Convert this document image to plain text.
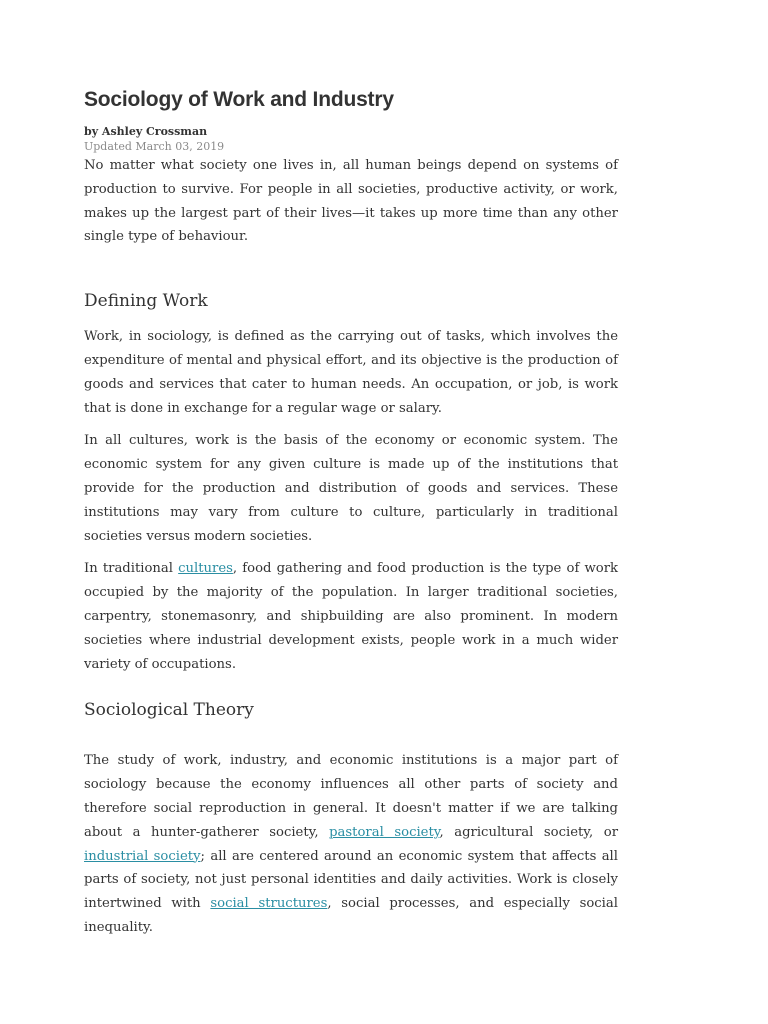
Sociology of Work and Industry
by Ashley Crossman
Updated March 03, 2019

No matter what society one lives in, all human beings depend on systems of production to survive. For people in all societies, productive activity, or work, makes up the largest part of their lives—it takes up more time than any other single type of behaviour.

Defining Work

Work, in sociology, is defined as the carrying out of tasks, which involves the expenditure of mental and physical effort, and its objective is the production of goods and services that cater to human needs. An occupation, or job, is work that is done in exchange for a regular wage or salary.

In all cultures, work is the basis of the economy or economic system. The economic system for any given culture is made up of the institutions that provide for the production and distribution of goods and services. These institutions may vary from culture to culture, particularly in traditional societies versus modern societies.

In traditional cultures, food gathering and food production is the type of work occupied by the majority of the population. In larger traditional societies, carpentry, stonemasonry, and shipbuilding are also prominent. In modern societies where industrial development exists, people work in a much wider variety of occupations.

Sociological Theory

The study of work, industry, and economic institutions is a major part of sociology because the economy influences all other parts of society and therefore social reproduction in general. It doesn't matter if we are talking about a hunter-gatherer society, pastoral society, agricultural society, or industrial society; all are centered around an economic system that affects all parts of society, not just personal identities and daily activities. Work is closely intertwined with social structures, social processes, and especially social inequality.
